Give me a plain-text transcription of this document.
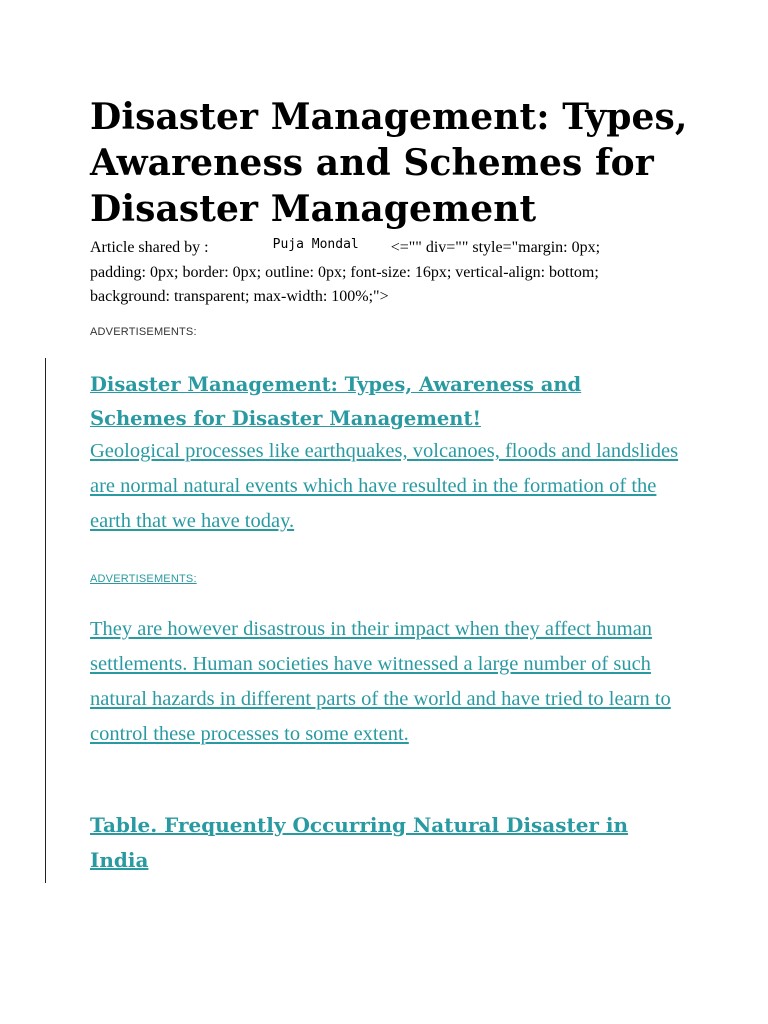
Disaster Management: Types, Awareness and Schemes for Disaster Management
Article shared by :	Puja Mondal <="" div="" style="margin: 0px; padding: 0px; border: 0px; outline: 0px; font-size: 16px; vertical-align: bottom; background: transparent; max-width: 100%;">
ADVERTISEMENTS:
Disaster Management: Types, Awareness and Schemes for Disaster Management!

Geological processes like earthquakes, volcanoes, floods and landslides are normal natural events which have resulted in the formation of the earth that we have today.

ADVERTISEMENTS:

They are however disastrous in their impact when they affect human settlements. Human societies have witnessed a large number of such natural hazards in different parts of the world and have tried to learn to control these processes to some extent.

Table. Frequently Occurring Natural Disaster in India
